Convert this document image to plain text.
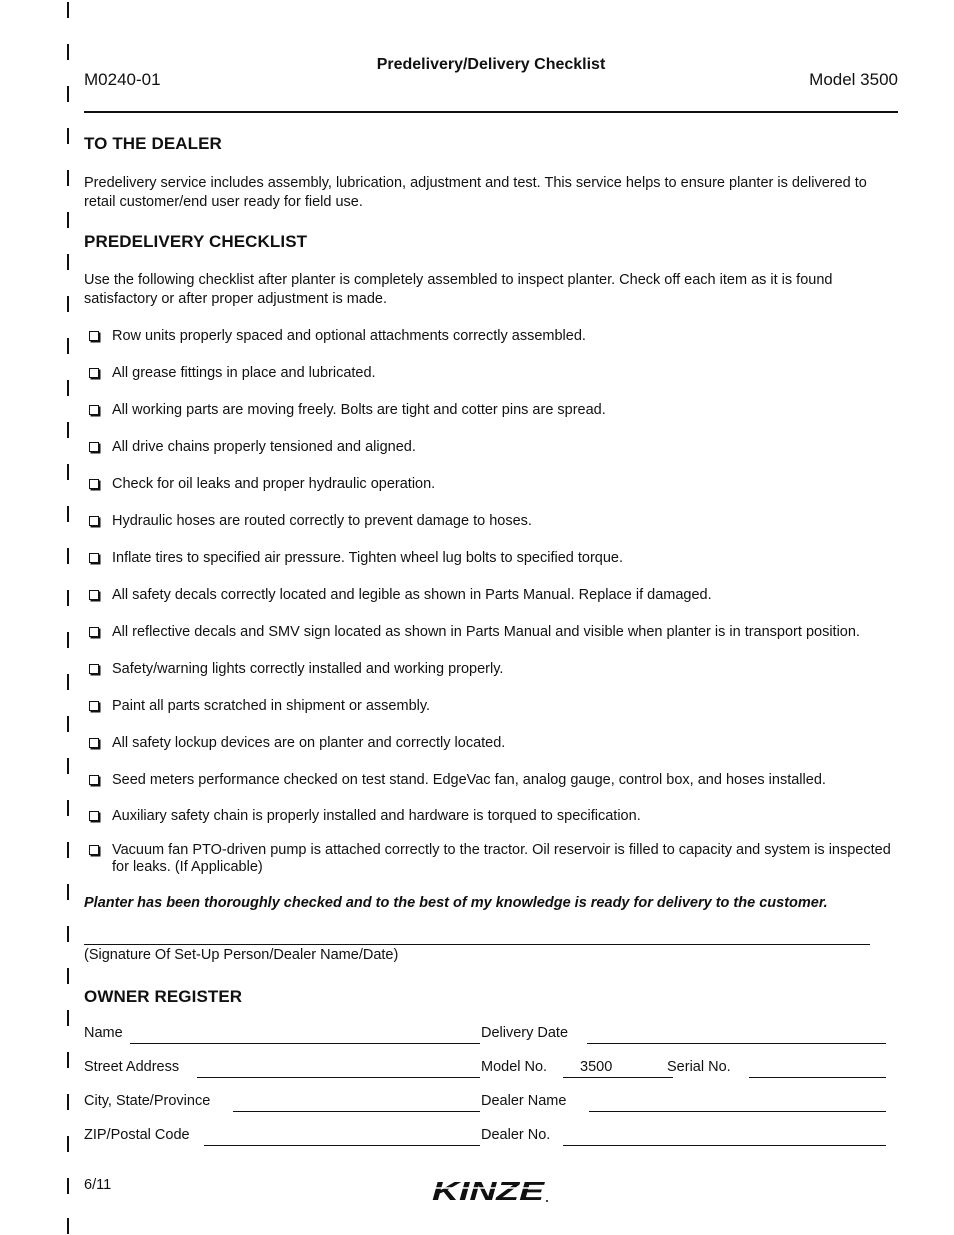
M0240-01
Predelivery/Delivery Checklist
Model 3500
TO THE DEALER

Predelivery service includes assembly, lubrication, adjustment and test. This service helps to ensure planter is delivered to retail customer/end user ready for field use.

PREDELIVERY CHECKLIST

Use the following checklist after planter is completely assembled to inspect planter. Check off each item as it is found satisfactory or after proper adjustment is made.

Row units properly spaced and optional attachments correctly assembled.
All grease fittings in place and lubricated.
All working parts are moving freely. Bolts are tight and cotter pins are spread.
All drive chains properly tensioned and aligned.
Check for oil leaks and proper hydraulic operation.
Hydraulic hoses are routed correctly to prevent damage to hoses.
Inflate tires to specified air pressure. Tighten wheel lug bolts to specified torque.
All safety decals correctly located and legible as shown in Parts Manual. Replace if damaged.
All reflective decals and SMV sign located as shown in Parts Manual and visible when planter is in transport position.
Safety/warning lights correctly installed and working properly.
Paint all parts scratched in shipment or assembly.
All safety lockup devices are on planter and correctly located.
Seed meters performance checked on test stand. EdgeVac fan, analog gauge, control box, and hoses installed.
Auxiliary safety chain is properly installed and hardware is torqued to specification.
Vacuum fan PTO-driven pump is attached correctly to the tractor. Oil reservoir is filled to capacity and system is inspected for leaks. (If Applicable)

Planter has been thoroughly checked and to the best of my knowledge is ready for delivery to the customer.

(Signature Of Set-Up Person/Dealer Name/Date)
OWNER REGISTER
Name	Delivery Date
Street Address	Model No. 3500	Serial No.
City, State/Province	Dealer Name
ZIP/Postal Code	Dealer No.
6/11	KINZE
